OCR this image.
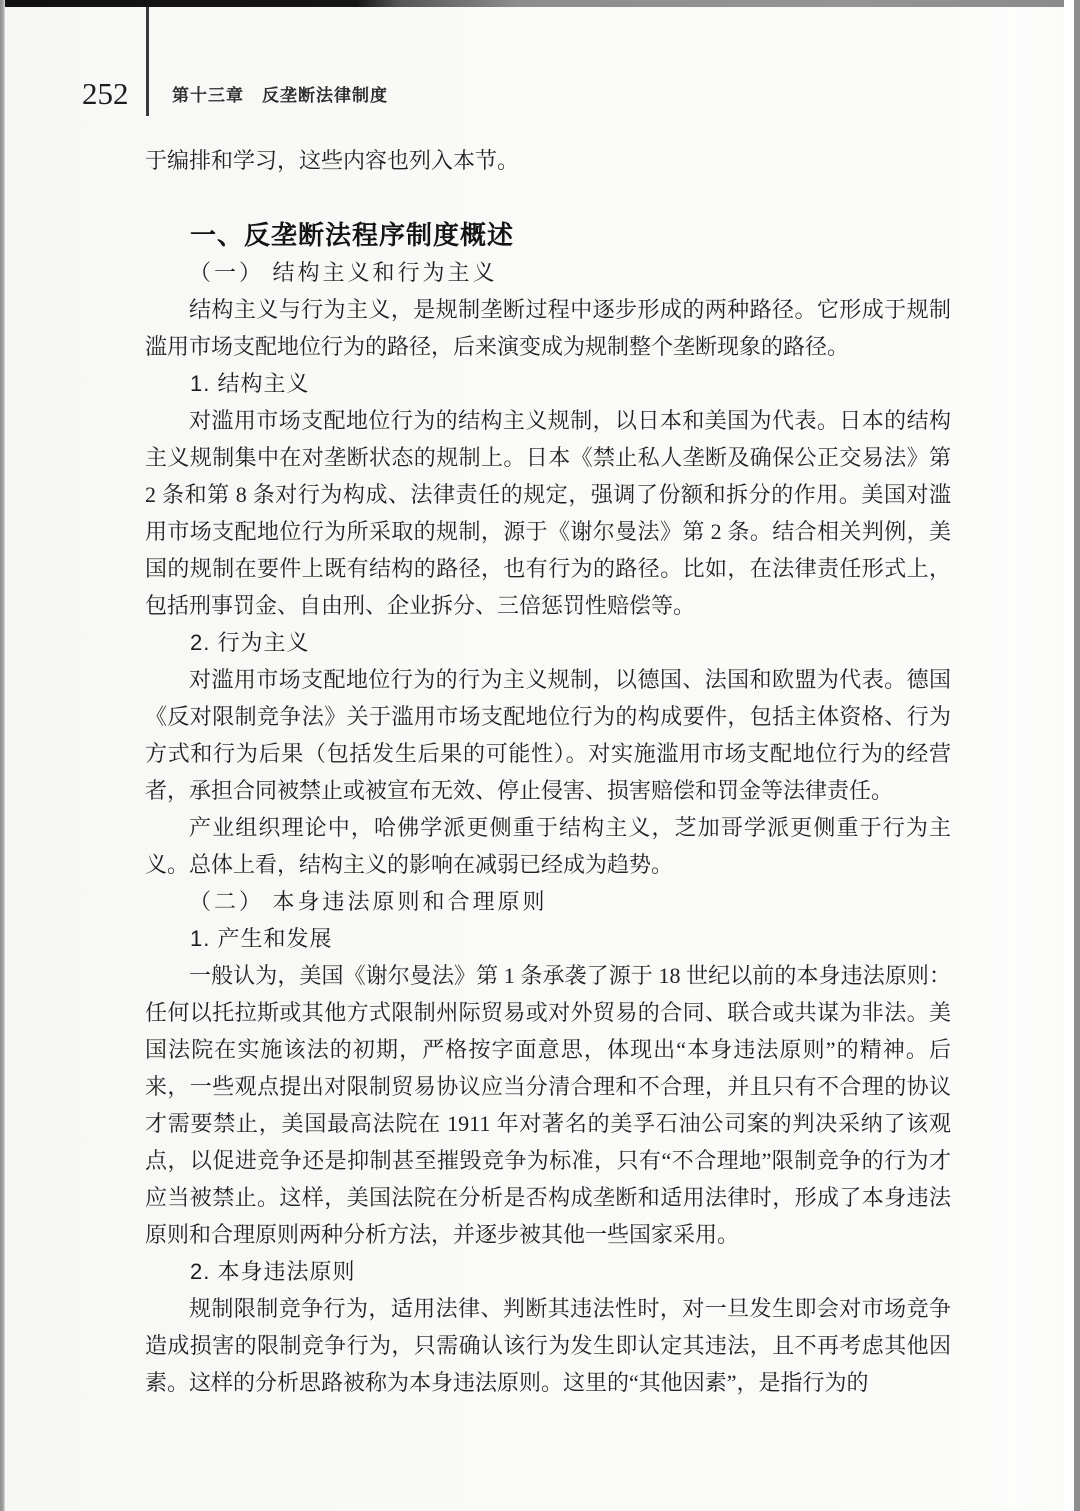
252	第十三章 反垄断法律制度

于编排和学习，这些内容也列入本节。

一、反垄断法程序制度概述
（一） 结构主义和行为主义

结构主义与行为主义，是规制垄断过程中逐步形成的两种路径。它形成于规制滥用市场支配地位行为的路径，后来演变成为规制整个垄断现象的路径。

1. 结构主义

对滥用市场支配地位行为的结构主义规制，以日本和美国为代表。日本的结构主义规制集中在对垄断状态的规制上。日本《禁止私人垄断及确保公正交易法》第 2 条和第 8 条对行为构成、法律责任的规定，强调了份额和拆分的作用。美国对滥用市场支配地位行为所采取的规制，源于《谢尔曼法》第 2 条。结合相关判例，美国的规制在要件上既有结构的路径，也有行为的路径。比如，在法律责任形式上，包括刑事罚金、自由刑、企业拆分、三倍惩罚性赔偿等。

2. 行为主义

对滥用市场支配地位行为的行为主义规制，以德国、法国和欧盟为代表。德国《反对限制竞争法》关于滥用市场支配地位行为的构成要件，包括主体资格、行为方式和行为后果（包括发生后果的可能性）。对实施滥用市场支配地位行为的经营者，承担合同被禁止或被宣布无效、停止侵害、损害赔偿和罚金等法律责任。

产业组织理论中，哈佛学派更侧重于结构主义，芝加哥学派更侧重于行为主义。总体上看，结构主义的影响在减弱已经成为趋势。

（二） 本身违法原则和合理原则
1. 产生和发展

一般认为，美国《谢尔曼法》第 1 条承袭了源于 18 世纪以前的本身违法原则：任何以托拉斯或其他方式限制州际贸易或对外贸易的合同、联合或共谋为非法。美国法院在实施该法的初期，严格按字面意思，体现出“本身违法原则”的精神。后来，一些观点提出对限制贸易协议应当分清合理和不合理，并且只有不合理的协议才需要禁止，美国最高法院在 1911 年对著名的美孚石油公司案的判决采纳了该观点，以促进竞争还是抑制甚至摧毁竞争为标准，只有“不合理地”限制竞争的行为才应当被禁止。这样，美国法院在分析是否构成垄断和适用法律时，形成了本身违法原则和合理原则两种分析方法，并逐步被其他一些国家采用。

2. 本身违法原则

规制限制竞争行为，适用法律、判断其违法性时，对一旦发生即会对市场竞争造成损害的限制竞争行为，只需确认该行为发生即认定其违法，且不再考虑其他因素。这样的分析思路被称为本身违法原则。这里的“其他因素”，是指行为的
